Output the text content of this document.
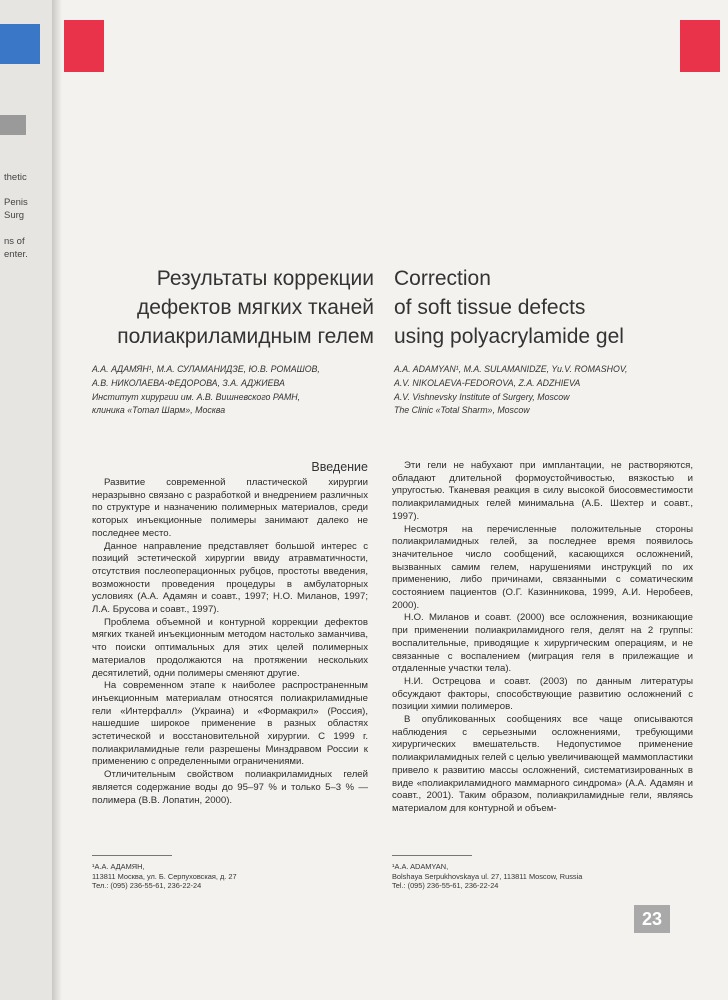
thetic
Penis
Surg
ns of
enter.
Результаты коррекции
дефектов мягких тканей
полиакриламидным гелем
Correction
of soft tissue defects
using polyacrylamide gel
А.А. АДАМЯН¹, М.А. СУЛАМАНИДЗЕ, Ю.В. РОМАШОВ,
А.В. НИКОЛАЕВА-ФЕДОРОВА, З.А. АДЖИЕВА
Институт хирургии им. А.В. Вишневского РАМН,
клиника «Тотал Шарм», Москва
A.A. ADAMYAN¹, M.A. SULAMANIDZE, Yu.V. ROMASHOV,
A.V. NIKOLAEVA-FEDOROVA, Z.A. ADZHIEVA
A.V. Vishnevsky Institute of Surgery, Moscow
The Clinic «Total Sharm», Moscow
Введение

Развитие современной пластической хирургии неразрывно связано с разработкой и внедрением различных по структуре и назначению полимерных материалов, среди которых инъекционные полимеры занимают далеко не последнее место.

Данное направление представляет большой интерес с позиций эстетической хирургии ввиду атравматичности, отсутствия послеоперационных рубцов, простоты введения, возможности проведения процедуры в амбулаторных условиях (А.А. Адамян и соавт., 1997; Н.О. Миланов, 1997; Л.А. Брусова и соавт., 1997).

Проблема объемной и контурной коррекции дефектов мягких тканей инъекционным методом настолько заманчива, что поиски оптимальных для этих целей полимерных материалов продолжаются на протяжении нескольких десятилетий, одни полимеры сменяют другие.

На современном этапе к наиболее распространенным инъекционным материалам относятся полиакриламидные гели «Интерфалл» (Украина) и «Формакрил» (Россия), нашедшие широкое применение в разных областях эстетической и восстановительной хирургии. С 1999 г. полиакриламидные гели разрешены Минздравом России к применению с определенными ограничениями.

Отличительным свойством полиакриламидных гелей является содержание воды до 95–97 % и только 5–3 % — полимера (В.В. Лопатин, 2000).

Эти гели не набухают при имплантации, не растворяются, обладают длительной формоустойчивостью, вязкостью и упругостью. Тканевая реакция в силу высокой биосовместимости полиакриламидных гелей минимальна (А.Б. Шехтер и соавт., 1997).

Несмотря на перечисленные положительные стороны полиакриламидных гелей, за последнее время появилось значительное число сообщений, касающихся осложнений, вызванных самим гелем, нарушениями инструкций по их применению, либо причинами, связанными с соматическим состоянием пациентов (О.Г. Казинникова, 1999, А.И. Неробеев, 2000).

Н.О. Миланов и соавт. (2000) все осложнения, возникающие при применении полиакриламидного геля, делят на 2 группы: воспалительные, приводящие к хирургическим операциям, и не связанные с воспалением (миграция геля в прилежащие и отдаленные участки тела).

Н.И. Острецова и соавт. (2003) по данным литературы обсуждают факторы, способствующие развитию осложнений с позиции химии полимеров.

В опубликованных сообщениях все чаще описываются наблюдения с серьезными осложнениями, требующими хирургических вмешательств. Недопустимое применение полиакриламидных гелей с целью увеличивающей маммопластики привело к развитию массы осложнений, систематизированных в виде «полиакриламидного маммарного синдрома» (А.А. Адамян и соавт., 2001). Таким образом, полиакриламидные гели, являясь материалом для контурной и объем-

¹А.А. АДАМЯН,
113811 Москва, ул. Б. Серпуховская, д. 27
Тел.: (095) 236-55-61, 236-22-24
¹A.A. ADAMYAN,
Bolshaya Serpukhovskaya ul. 27, 113811 Moscow, Russia
Tel.: (095) 236-55-61, 236-22-24
23
